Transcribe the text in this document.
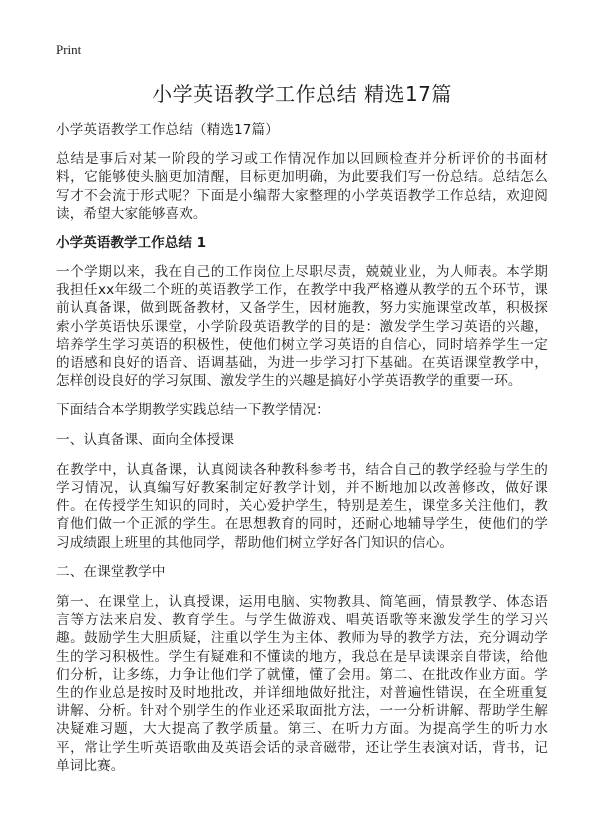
Print
小学英语教学工作总结 精选17篇

小学英语教学工作总结（精选17篇）

总结是事后对某一阶段的学习或工作情况作加以回顾检查并分析评价的书面材料，它能够使头脑更加清醒，目标更加明确，为此要我们写一份总结。总结怎么写才不会流于形式呢？下面是小编帮大家整理的小学英语教学工作总结，欢迎阅读，希望大家能够喜欢。

小学英语教学工作总结 1

一个学期以来，我在自己的工作岗位上尽职尽责，兢兢业业，为人师表。本学期我担任xx年级二个班的英语教学工作，在教学中我严格遵从教学的五个环节，课前认真备课，做到既备教材，又备学生，因材施教，努力实施课堂改革，积极探索小学英语快乐课堂，小学阶段英语教学的目的是：激发学生学习英语的兴趣，培养学生学习英语的积极性，使他们树立学习英语的自信心，同时培养学生一定的语感和良好的语音、语调基础，为进一步学习打下基础。在英语课堂教学中，怎样创设良好的学习氛围、激发学生的兴趣是搞好小学英语教学的重要一环。

下面结合本学期教学实践总结一下教学情况：

一、认真备课、面向全体授课

在教学中，认真备课，认真阅读各种教科参考书，结合自己的教学经验与学生的学习情况，认真编写好教案制定好教学计划，并不断地加以改善修改，做好课件。在传授学生知识的同时，关心爱护学生，特别是差生，课堂多关注他们，教育他们做一个正派的学生。在思想教育的同时，还耐心地辅导学生，使他们的学习成绩跟上班里的其他同学，帮助他们树立学好各门知识的信心。

二、在课堂教学中

第一、在课堂上，认真授课，运用电脑、实物教具、简笔画，情景教学、体态语言等方法来启发、教育学生。与学生做游戏、唱英语歌等来激发学生的学习兴趣。鼓励学生大胆质疑，注重以学生为主体、教师为导的教学方法，充分调动学生的学习积极性。学生有疑难和不懂读的地方，我总在是早读课亲自带读，给他们分析，让多练，力争让他们学了就懂，懂了会用。第二、在批改作业方面。学生的作业总是按时及时地批改，并详细地做好批注，对普遍性错误，在全班重复讲解、分析。针对个别学生的作业还采取面批方法，一一分析讲解、帮助学生解决疑难习题，大大提高了教学质量。第三、在听力方面。为提高学生的听力水平，常让学生听英语歌曲及英语会话的录音磁带，还让学生表演对话，背书，记单词比赛。
